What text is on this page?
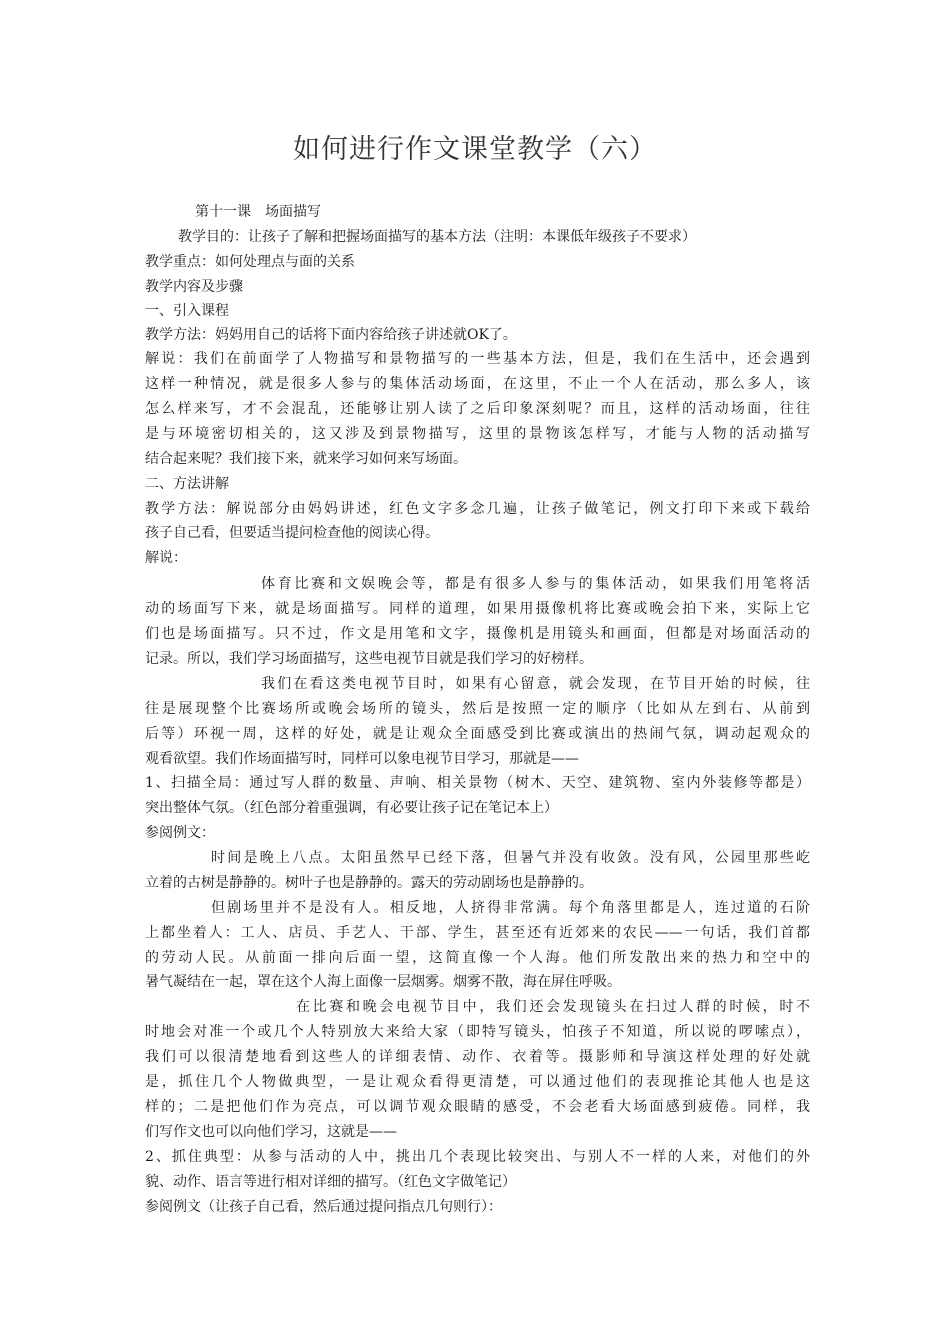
如何进行作文课堂教学（六）
第十一课　场面描写
教学目的：让孩子了解和把握场面描写的基本方法（注明：本课低年级孩子不要求）
教学重点：如何处理点与面的关系
教学内容及步骤
一、引入课程
教学方法：妈妈用自己的话将下面内容给孩子讲述就OK了。
解说：我们在前面学了人物描写和景物描写的一些基本方法，但是，我们在生活中，还会遇到
这样一种情况，就是很多人参与的集体活动场面，在这里，不止一个人在活动，那么多人，该
怎么样来写，才不会混乱，还能够让别人读了之后印象深刻呢？而且，这样的活动场面，往往
是与环境密切相关的，这又涉及到景物描写，这里的景物该怎样写，才能与人物的活动描写
结合起来呢？我们接下来，就来学习如何来写场面。
二、方法讲解
教学方法：解说部分由妈妈讲述，红色文字多念几遍，让孩子做笔记，例文打印下来或下载给
孩子自己看，但要适当提问检查他的阅读心得。
解说：
体育比赛和文娱晚会等，都是有很多人参与的集体活动，如果我们用笔将活
动的场面写下来，就是场面描写。同样的道理，如果用摄像机将比赛或晚会拍下来，实际上它
们也是场面描写。只不过，作文是用笔和文字，摄像机是用镜头和画面，但都是对场面活动的
记录。所以，我们学习场面描写，这些电视节目就是我们学习的好榜样。
我们在看这类电视节目时，如果有心留意，就会发现，在节目开始的时候，往
往是展现整个比赛场所或晚会场所的镜头，然后是按照一定的顺序（比如从左到右、从前到
后等）环视一周，这样的好处，就是让观众全面感受到比赛或演出的热闹气氛，调动起观众的
观看欲望。我们作场面描写时，同样可以象电视节目学习，那就是——
1、扫描全局：通过写人群的数量、声响、相关景物（树木、天空、建筑物、室内外装修等都是）
突出整体气氛。（红色部分着重强调，有必要让孩子记在笔记本上）
参阅例文：
时间是晚上八点。太阳虽然早已经下落，但暑气并没有收敛。没有风，公园里那些屹
立着的古树是静静的。树叶子也是静静的。露天的劳动剧场也是静静的。
但剧场里并不是没有人。相反地，人挤得非常满。每个角落里都是人，连过道的石阶
上都坐着人：工人、店员、手艺人、干部、学生，甚至还有近郊来的农民——一句话，我们首都
的劳动人民。从前面一排向后面一望，这简直像一个人海。他们所发散出来的热力和空中的
暑气凝结在一起，罩在这个人海上面像一层烟雾。烟雾不散，海在屏住呼吸。
在比赛和晚会电视节目中，我们还会发现镜头在扫过人群的时候，时不
时地会对准一个或几个人特别放大来给大家（即特写镜头，怕孩子不知道，所以说的啰嗦点），
我们可以很清楚地看到这些人的详细表情、动作、衣着等。摄影师和导演这样处理的好处就
是，抓住几个人物做典型，一是让观众看得更清楚，可以通过他们的表现推论其他人也是这
样的；二是把他们作为亮点，可以调节观众眼睛的感受，不会老看大场面感到疲倦。同样，我
们写作文也可以向他们学习，这就是——
2、抓住典型：从参与活动的人中，挑出几个表现比较突出、与别人不一样的人来，对他们的外
貌、动作、语言等进行相对详细的描写。（红色文字做笔记）
参阅例文（让孩子自己看，然后通过提问指点几句则行）：
